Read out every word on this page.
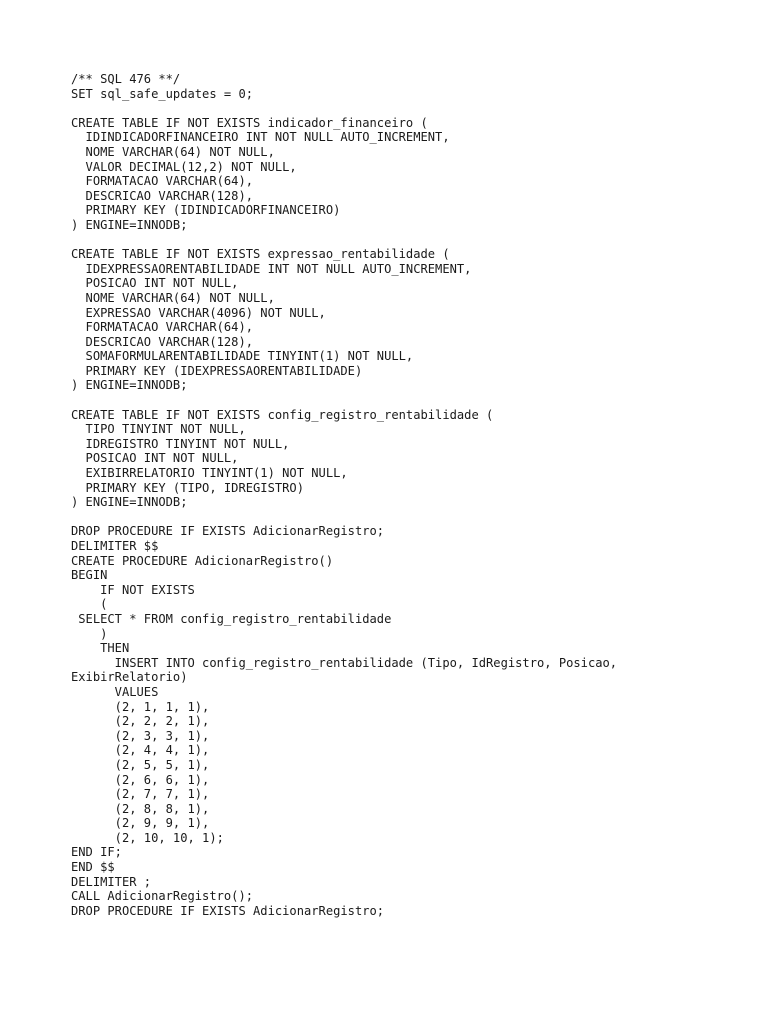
/** SQL 476 **/
SET sql_safe_updates = 0;
CREATE TABLE IF NOT EXISTS indicador_financeiro (
IDINDICADORFINANCEIRO INT NOT NULL AUTO_INCREMENT,
NOME VARCHAR(64) NOT NULL,
VALOR DECIMAL(12,2) NOT NULL,
FORMATACAO VARCHAR(64),
DESCRICAO VARCHAR(128),
PRIMARY KEY (IDINDICADORFINANCEIRO)
) ENGINE=INNODB;
CREATE TABLE IF NOT EXISTS expressao_rentabilidade (
IDEXPRESSAORENTABILIDADE INT NOT NULL AUTO_INCREMENT,
POSICAO INT NOT NULL,
NOME VARCHAR(64) NOT NULL,
EXPRESSAO VARCHAR(4096) NOT NULL,
FORMATACAO VARCHAR(64),
DESCRICAO VARCHAR(128),
SOMAFORMULARENTABILIDADE TINYINT(1) NOT NULL,
PRIMARY KEY (IDEXPRESSAORENTABILIDADE)
) ENGINE=INNODB;
CREATE TABLE IF NOT EXISTS config_registro_rentabilidade (
TIPO TINYINT NOT NULL,
IDREGISTRO TINYINT NOT NULL,
POSICAO INT NOT NULL,
EXIBIRRELATORIO TINYINT(1) NOT NULL,
PRIMARY KEY (TIPO, IDREGISTRO)
) ENGINE=INNODB;
DROP PROCEDURE IF EXISTS AdicionarRegistro;
DELIMITER $$
CREATE PROCEDURE AdicionarRegistro()
BEGIN
IF NOT EXISTS
(
SELECT * FROM config_registro_rentabilidade
)
THEN
INSERT INTO config_registro_rentabilidade (Tipo, IdRegistro, Posicao,
ExibirRelatorio)
VALUES
(2, 1, 1, 1),
(2, 2, 2, 1),
(2, 3, 3, 1),
(2, 4, 4, 1),
(2, 5, 5, 1),
(2, 6, 6, 1),
(2, 7, 7, 1),
(2, 8, 8, 1),
(2, 9, 9, 1),
(2, 10, 10, 1);
END IF;
END $$
DELIMITER ;
CALL AdicionarRegistro();
DROP PROCEDURE IF EXISTS AdicionarRegistro;
